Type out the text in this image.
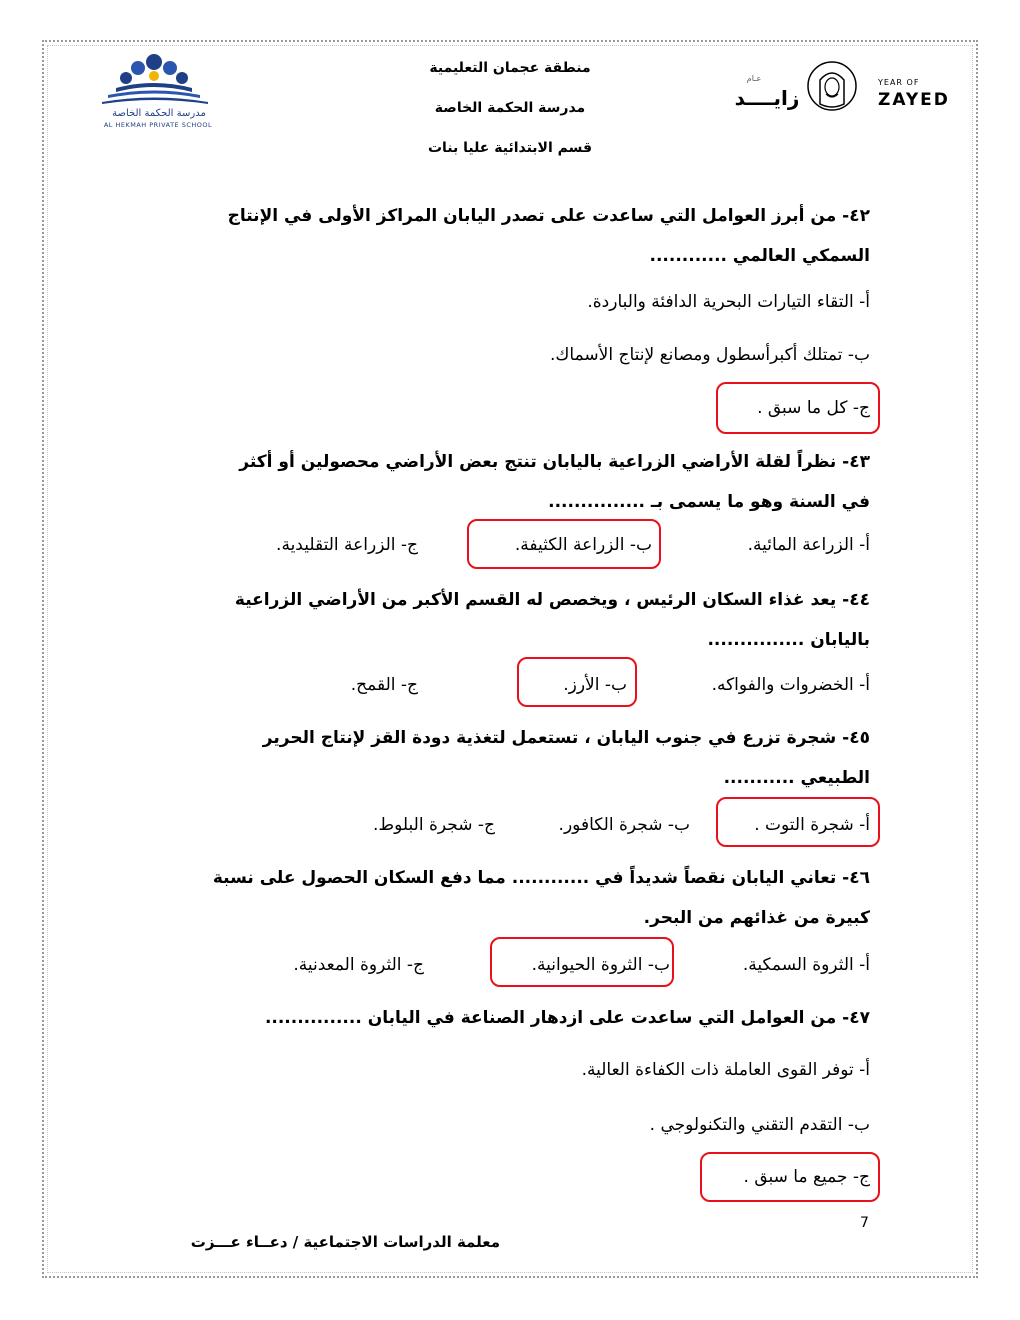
مدرسة الحكمة الخاصة
AL HEKMAH PRIVATE SCHOOL
منطقة عجمان التعليمية
مدرسة الحكمة الخاصة
قسم الابتدائية عليا بنات
عـام
زايــــد
YEAR OF
ZAYED
٤٢- من أبرز العوامل التي ساعدت على تصدر اليابان المراكز الأولى في الإنتاج
السمكي العالمي ............
أ- التقاء التيارات البحرية الدافئة والباردة.
ب- تمتلك أكبرأسطول ومصانع لإنتاج الأسماك.
ج- كل ما سبق .
٤٣- نظراً لقلة الأراضي الزراعية باليابان تنتج بعض الأراضي محصولين أو أكثر
في السنة وهو ما يسمى بـ ...............
أ- الزراعة المائية.
ب- الزراعة الكثيفة.
ج- الزراعة التقليدية.
٤٤- يعد غذاء السكان الرئيس ، ويخصص له القسم الأكبر من الأراضي الزراعية
باليابان ...............
أ- الخضروات والفواكه.
ب- الأرز.
ج- القمح.
٤٥- شجرة تزرع في جنوب اليابان ، تستعمل لتغذية دودة القز لإنتاج الحرير
الطبيعي ...........
أ- شجرة التوت .
ب- شجرة الكافور.
ج- شجرة البلوط.
٤٦- تعاني اليابان نقصاً شديداً في ............ مما دفع السكان الحصول على نسبة
كبيرة من غذائهم من البحر.
أ- الثروة السمكية.
ب- الثروة الحيوانية.
ج- الثروة المعدنية.
٤٧- من العوامل التي ساعدت على ازدهار الصناعة في اليابان ...............
أ- توفر القوى العاملة ذات الكفاءة العالية.
ب- التقدم التقني والتكنولوجي .
ج- جميع ما سبق .
7
معلمة الدراسات الاجتماعية / دعــاء عـــزت
